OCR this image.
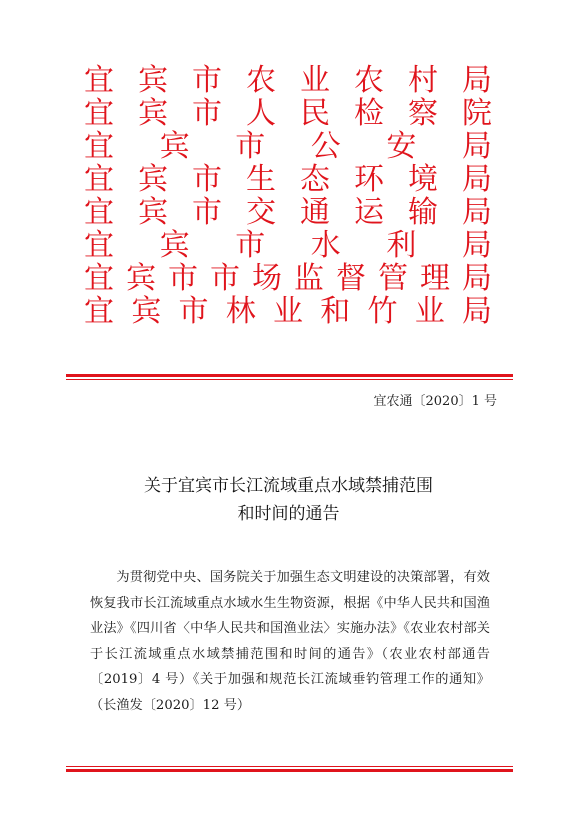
宜 宾 市 农 业 农 村 局
宜 宾 市 人 民 检 察 院
宜 宾 市 公 安 局
宜 宾 市 生 态 环 境 局
宜 宾 市 交 通 运 输 局
宜 宾 市 水 利 局
宜 宾 市 市 场 监 督 管 理 局
宜 宾 市 林 业 和 竹 业 局
宜农通〔2020〕1 号
关于宜宾市长江流域重点水域禁捕范围
和时间的通告

为贯彻党中央、国务院关于加强生态文明建设的决策部署，有效恢复我市长江流域重点水域水生生物资源，根据《中华人民共和国渔业法》《四川省〈中华人民共和国渔业法〉实施办法》《农业农村部关于长江流域重点水域禁捕范围和时间的通告》（农业农村部通告〔2019〕4 号）《关于加强和规范长江流域垂钓管理工作的通知》（长渔发〔2020〕12 号）
